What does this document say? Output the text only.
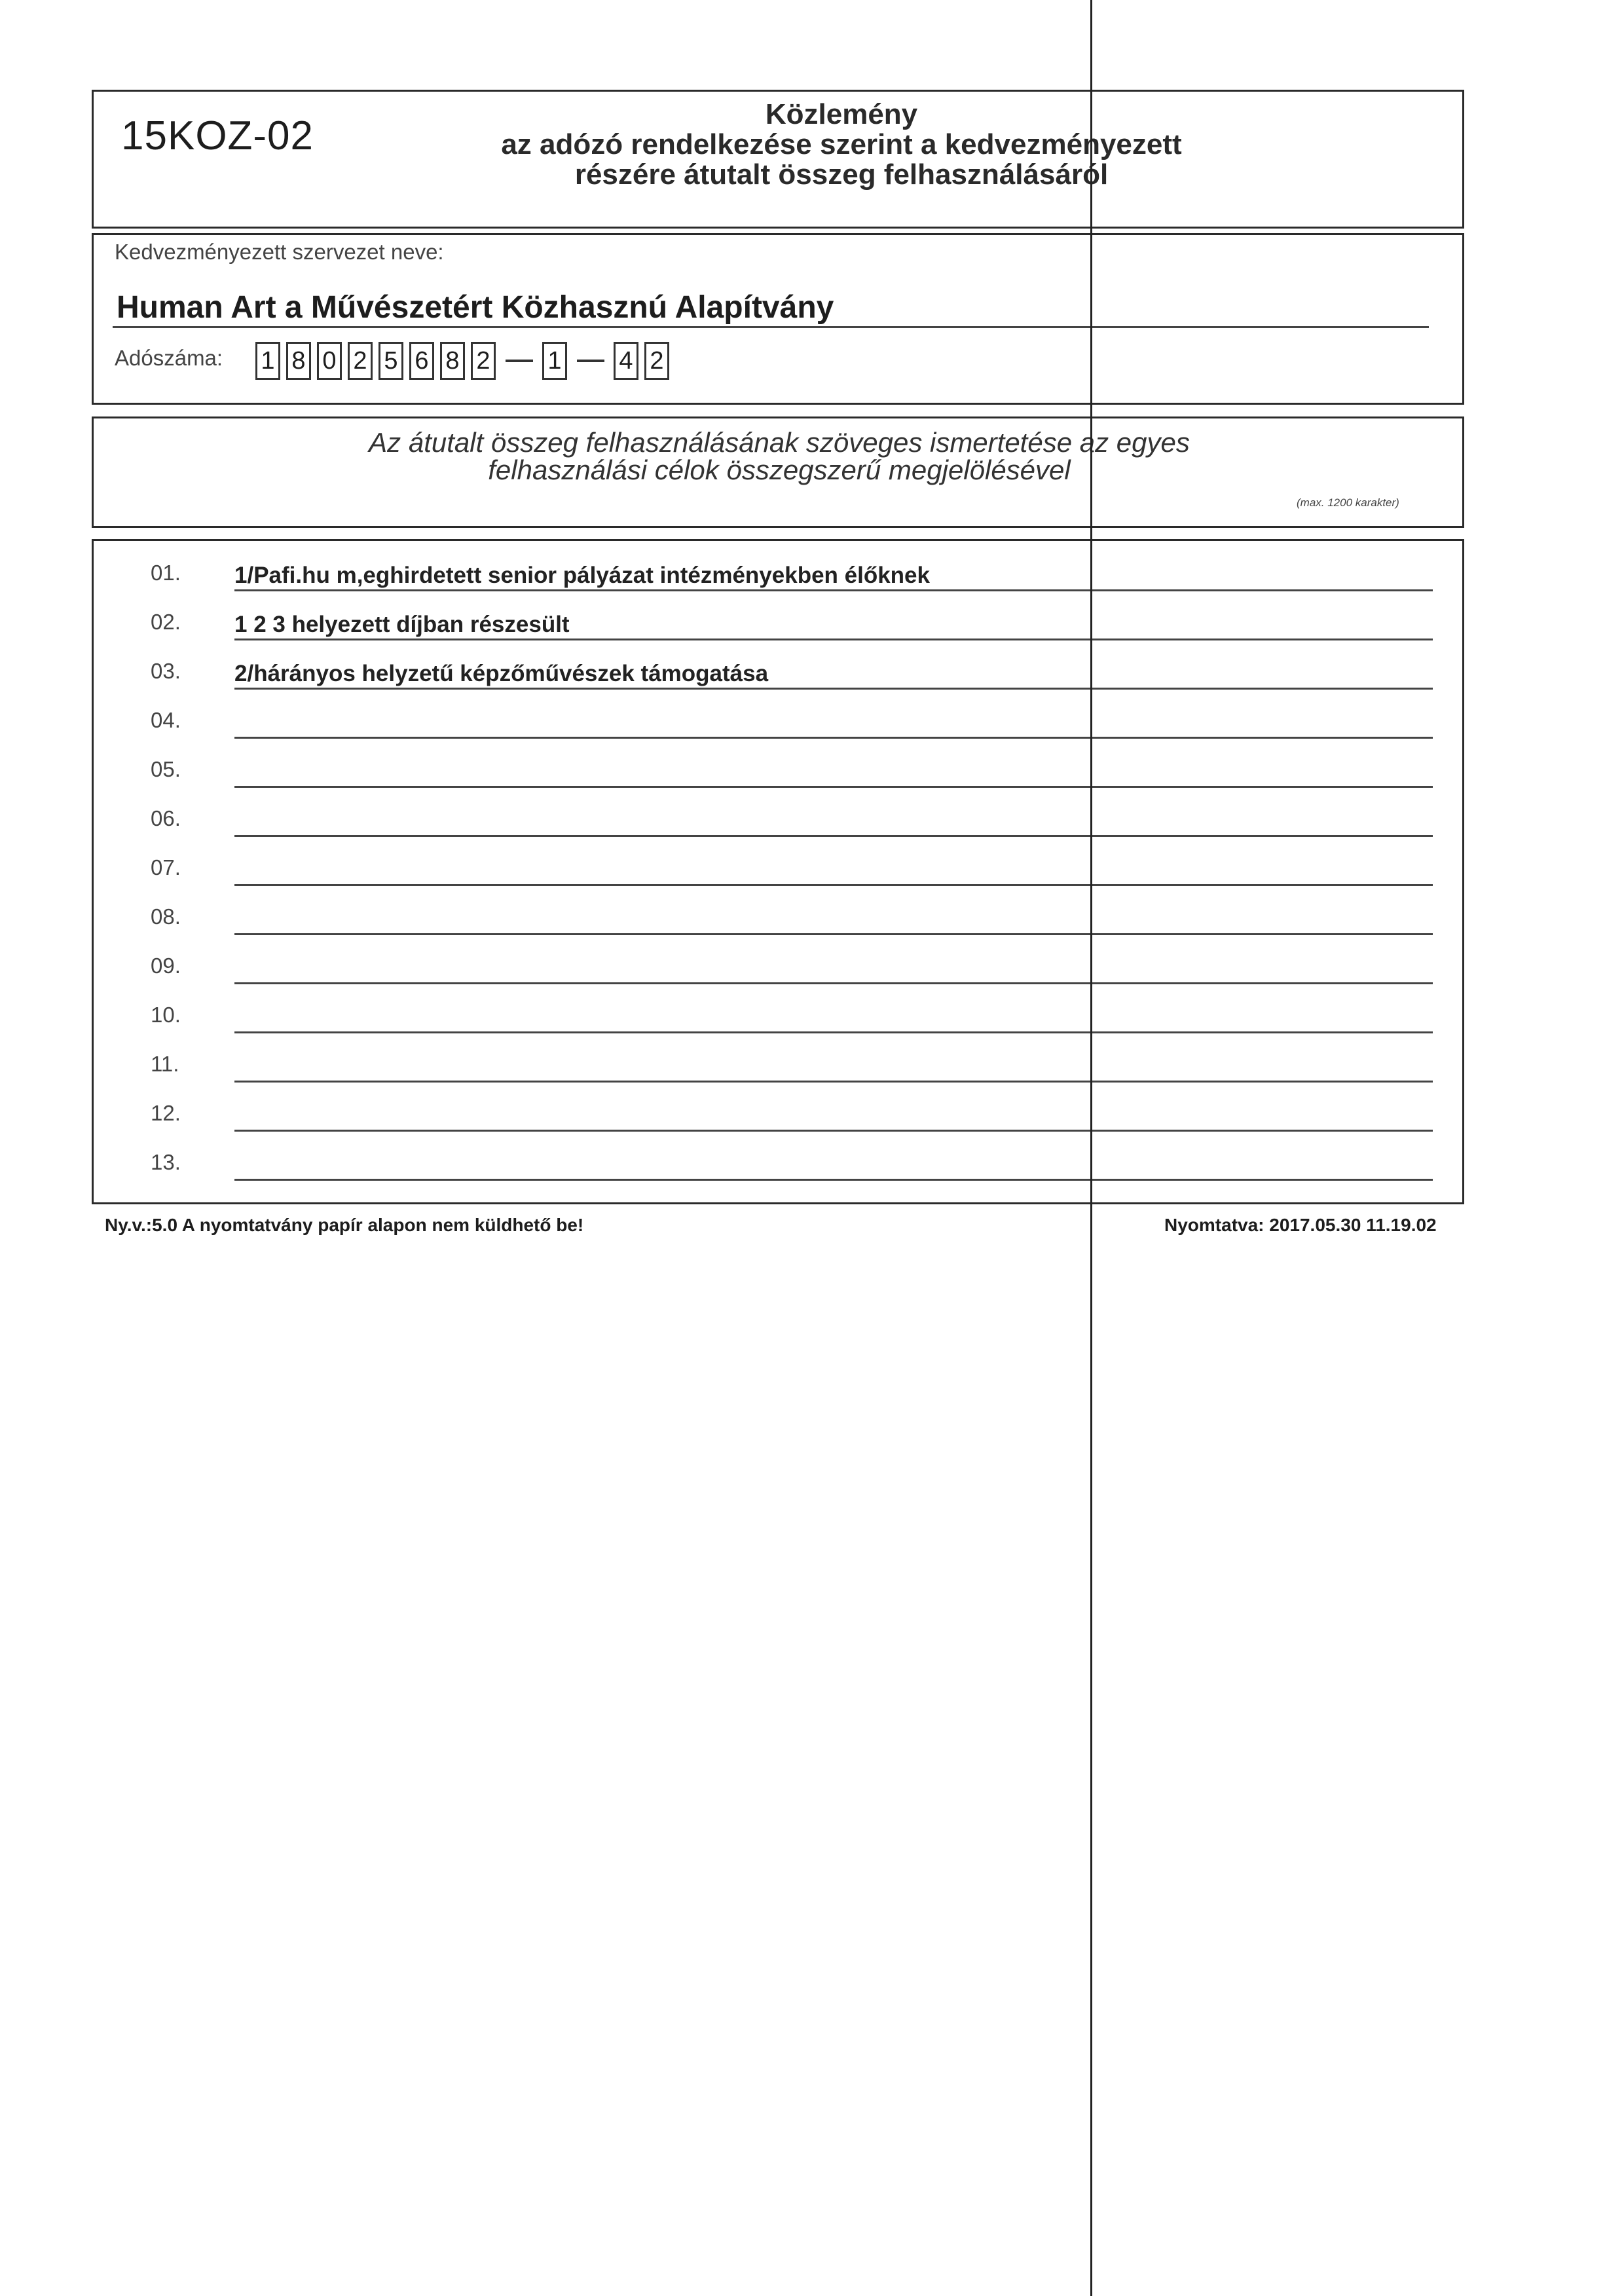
15KOZ-02	Közlemény
az adózó rendelkezése szerint a kedvezményezett
részére átutalt összeg felhasználásáról
Kedvezményezett szervezet neve:
Human Art a Művészetért Közhasznú Alapítvány
Adószáma: 1 8 0 2 5 6 8 2 1 4 2
Az átutalt összeg felhasználásának szöveges ismertetése az egyes
felhasználási célok összegszerű megjelölésével
(max. 1200 karakter)
01. 1/Pafi.hu m,eghirdetett senior pályázat intézményekben élőknek
02. 1 2 3 helyezett díjban részesült
03. 2/hárányos helyzetű képzőművészek támogatása
04.
05.
06.
07.
08.
09.
10.
11.
12.
13.
Ny.v.:5.0 A nyomtatvány papír alapon nem küldhető be!	Nyomtatva: 2017.05.30 11.19.02
